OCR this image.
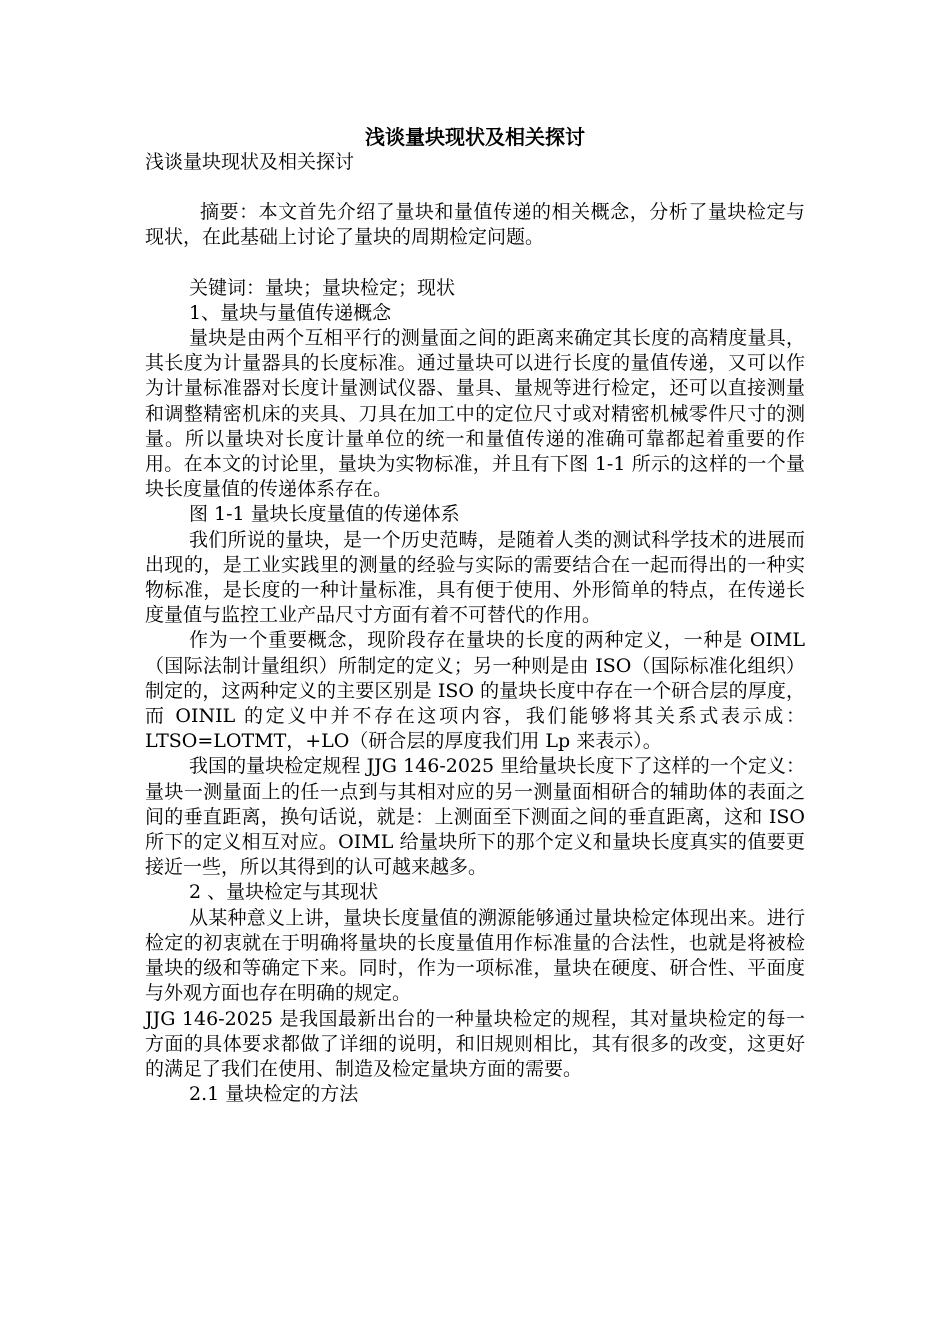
浅谈量块现状及相关探讨

浅谈量块现状及相关探讨

摘要：本文首先介绍了量块和量值传递的相关概念，分析了量块检定与现状，在此基础上讨论了量块的周期检定问题。

关键词：量块；量块检定；现状

1、量块与量值传递概念

量块是由两个互相平行的测量面之间的距离来确定其长度的高精度量具，其长度为计量器具的长度标准。通过量块可以进行长度的量值传递，又可以作为计量标准器对长度计量测试仪器、量具、量规等进行检定，还可以直接测量和调整精密机床的夹具、刀具在加工中的定位尺寸或对精密机械零件尺寸的测量。所以量块对长度计量单位的统一和量值传递的准确可靠都起着重要的作用。在本文的讨论里，量块为实物标准，并且有下图 1-1 所示的这样的一个量块长度量值的传递体系存在。

图 1-1 量块长度量值的传递体系

我们所说的量块，是一个历史范畴，是随着人类的测试科学技术的进展而出现的，是工业实践里的测量的经验与实际的需要结合在一起而得出的一种实物标准，是长度的一种计量标准，具有便于使用、外形简单的特点，在传递长度量值与监控工业产品尺寸方面有着不可替代的作用。

作为一个重要概念，现阶段存在量块的长度的两种定义，一种是 OIML（国际法制计量组织）所制定的定义；另一种则是由 ISO（国际标准化组织）制定的，这两种定义的主要区别是 ISO 的量块长度中存在一个研合层的厚度，而 OINIL 的定义中并不存在这项内容，我们能够将其关系式表示成：LTSO=LOTMT，+LO（研合层的厚度我们用 Lp 来表示）。

我国的量块检定规程 JJG 146-2025 里给量块长度下了这样的一个定义： 量块一测量面上的任一点到与其相对应的另一测量面相研合的辅助体的表面之间的垂直距离，换句话说，就是：上测面至下测面之间的垂直距离，这和 ISO 所下的定义相互对应。OIML 给量块所下的那个定义和量块长度真实的值要更接近一些，所以其得到的认可越来越多。

2 、量块检定与其现状

从某种意义上讲，量块长度量值的溯源能够通过量块检定体现出来。进行检定的初衷就在于明确将量块的长度量值用作标准量的合法性，也就是将被检量块的级和等确定下来。同时，作为一项标准，量块在硬度、研合性、平面度与外观方面也存在明确的规定。

JJG 146-2025 是我国最新出台的一种量块检定的规程，其对量块检定的每一方面的具体要求都做了详细的说明，和旧规则相比，其有很多的改变，这更好的满足了我们在使用、制造及检定量块方面的需要。

2.1 量块检定的方法
